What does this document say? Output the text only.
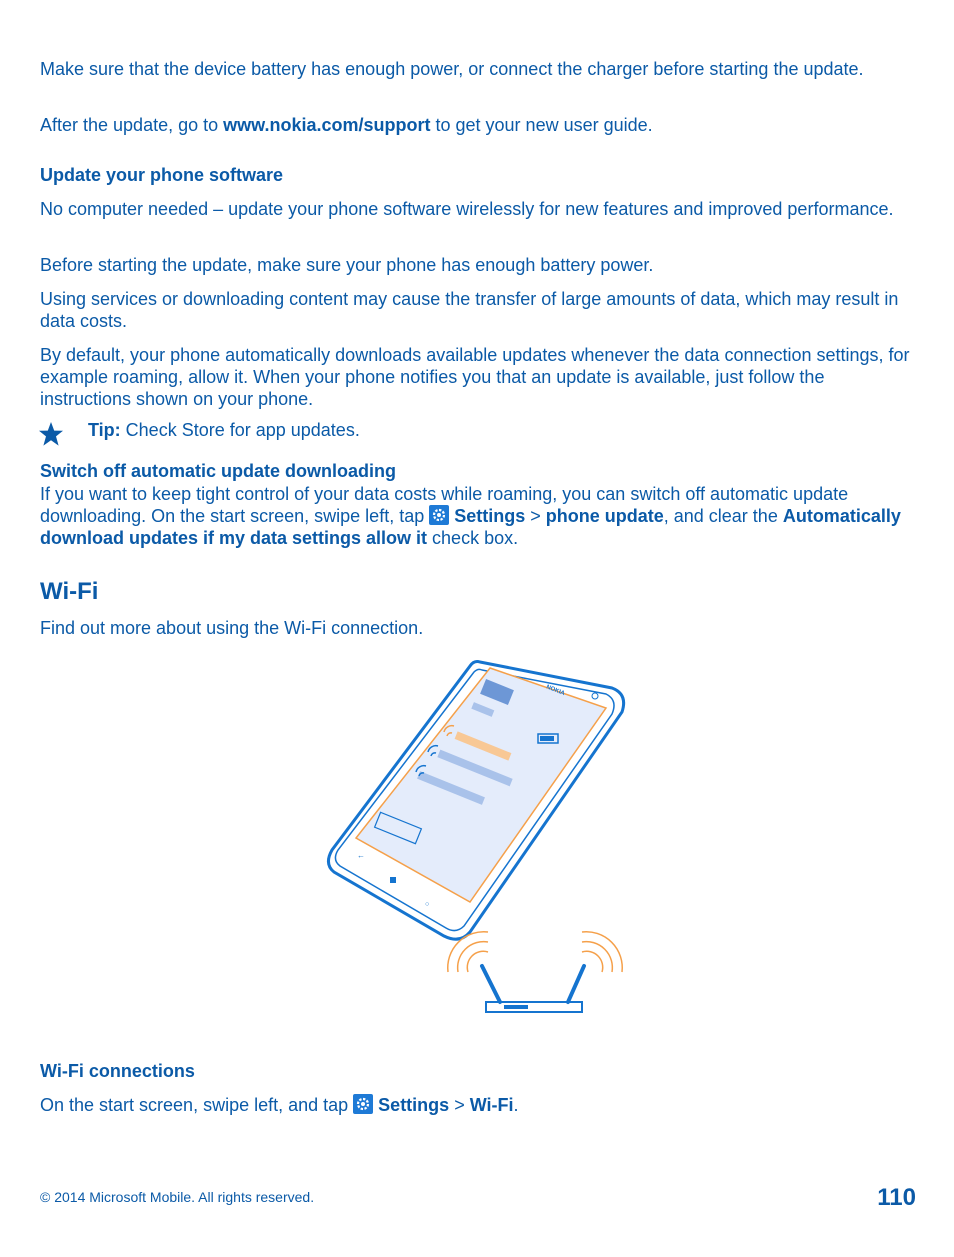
Make sure that the device battery has enough power, or connect the charger before starting the update.

After the update, go to www.nokia.com/support to get your new user guide.

Update your phone software

No computer needed – update your phone software wirelessly for new features and improved performance.

Before starting the update, make sure your phone has enough battery power.

Using services or downloading content may cause the transfer of large amounts of data, which may result in data costs.

By default, your phone automatically downloads available updates whenever the data connection settings, for example roaming, allow it. When your phone notifies you that an update is available, just follow the instructions shown on your phone.

Tip: Check Store for app updates.

Switch off automatic update downloading

If you want to keep tight control of your data costs while roaming, you can switch off automatic update downloading. On the start screen, swipe left, tap
Settings > phone update, and clear the Automatically download updates if my data settings allow it check box.

Wi-Fi

Find out more about using the Wi-Fi connection.

←
○
NOKIA

Wi-Fi connections

On the start screen, swipe left, and tap
Settings > Wi-Fi.

© 2014 Microsoft Mobile. All rights reserved.	110
